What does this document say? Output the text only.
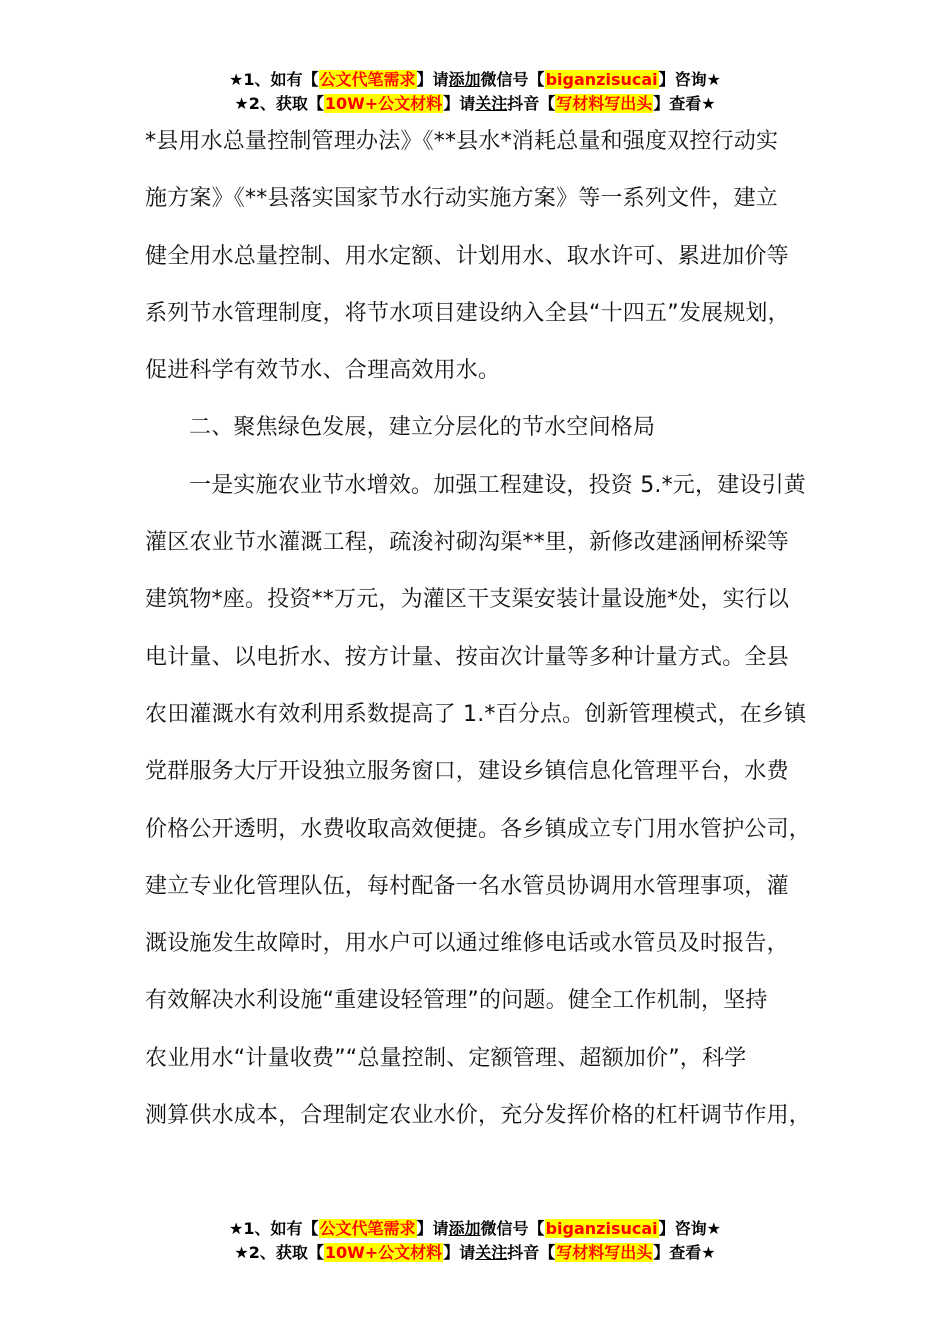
★1、如有【公文代笔需求】请添加微信号【biganzisucai】咨询★
★2、获取【10W+公文材料】请关注抖音【写材料写出头】查看★
*县用水总量控制管理办法》《**县水*消耗总量和强度双控行动实
施方案》《**县落实国家节水行动实施方案》等一系列文件，建立
健全用水总量控制、用水定额、计划用水、取水许可、累进加价等
系列节水管理制度，将节水项目建设纳入全县“十四五”发展规划，
促进科学有效节水、合理高效用水。
二、聚焦绿色发展，建立分层化的节水空间格局
一是实施农业节水增效。加强工程建设，投资 5.*元，建设引黄
灌区农业节水灌溉工程，疏浚衬砌沟渠**里，新修改建涵闸桥梁等
建筑物*座。投资**万元，为灌区干支渠安装计量设施*处，实行以
电计量、以电折水、按方计量、按亩次计量等多种计量方式。全县
农田灌溉水有效利用系数提高了 1.*百分点。创新管理模式，在乡镇
党群服务大厅开设独立服务窗口，建设乡镇信息化管理平台，水费
价格公开透明，水费收取高效便捷。各乡镇成立专门用水管护公司，
建立专业化管理队伍，每村配备一名水管员协调用水管理事项，灌
溉设施发生故障时，用水户可以通过维修电话或水管员及时报告，
有效解决水利设施“重建设轻管理”的问题。健全工作机制，坚持
农业用水“计量收费”“总量控制、定额管理、超额加价”，科学
测算供水成本，合理制定农业水价，充分发挥价格的杠杆调节作用，
★1、如有【公文代笔需求】请添加微信号【biganzisucai】咨询★
★2、获取【10W+公文材料】请关注抖音【写材料写出头】查看★
